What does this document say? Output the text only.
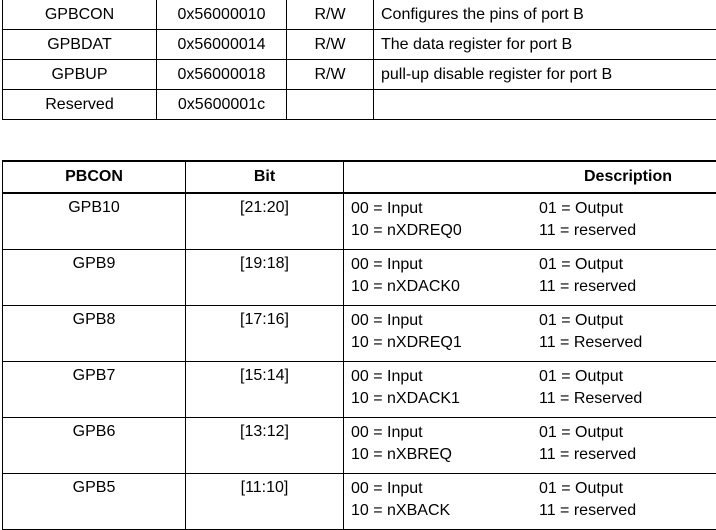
GPBCON	0x56000010	R/W	Configures the pins of port B
GPBDAT	0x56000014	R/W	The data register for port B
GPBUP	0x56000018	R/W	pull-up disable register for port B
Reserved	0x5600001c		
PBCON	Bit	Description
GPB10	[21:20]	00 = Input 01 = Output
10 = nXDREQ0 11 = reserved

GPB9	[19:18]	00 = Input 01 = Output
10 = nXDACK0 11 = reserved

GPB8	[17:16]	00 = Input 01 = Output
10 = nXDREQ1 11 = Reserved

GPB7	[15:14]	00 = Input 01 = Output
10 = nXDACK1 11 = Reserved

GPB6	[13:12]	00 = Input 01 = Output
10 = nXBREQ 11 = reserved

GPB5	[11:10]	00 = Input 01 = Output
10 = nXBACK 11 = reserved
